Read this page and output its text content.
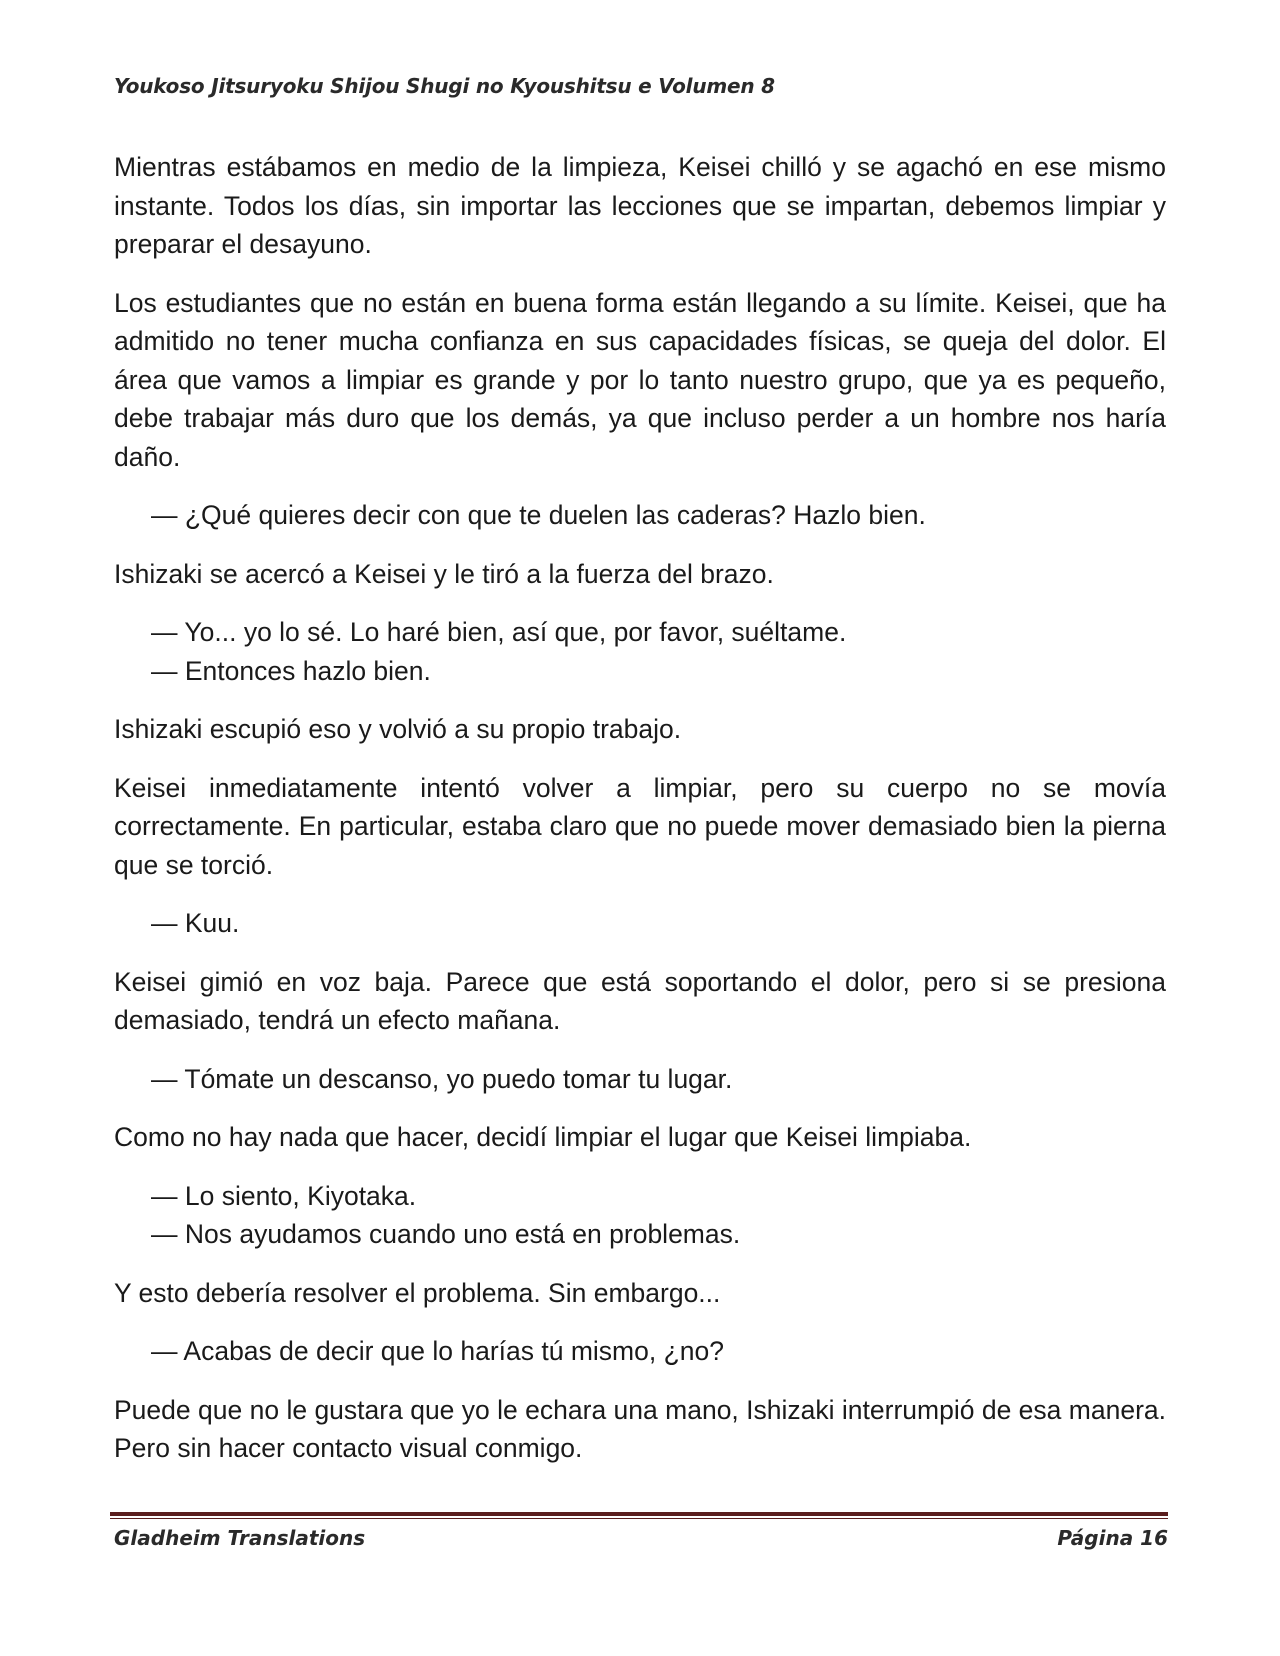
Youkoso Jitsuryoku Shijou Shugi no Kyoushitsu e Volumen 8

Mientras estábamos en medio de la limpieza, Keisei chilló y se agachó en ese mismo instante. Todos los días, sin importar las lecciones que se impartan, debemos limpiar y preparar el desayuno.

Los estudiantes que no están en buena forma están llegando a su límite. Keisei, que ha admitido no tener mucha confianza en sus capacidades físicas, se queja del dolor. El área que vamos a limpiar es grande y por lo tanto nuestro grupo, que ya es pequeño, debe trabajar más duro que los demás, ya que incluso perder a un hombre nos haría daño.

— ¿Qué quieres decir con que te duelen las caderas? Hazlo bien.

Ishizaki se acercó a Keisei y le tiró a la fuerza del brazo.

— Yo... yo lo sé. Lo haré bien, así que, por favor, suéltame.

— Entonces hazlo bien.

Ishizaki escupió eso y volvió a su propio trabajo.

Keisei inmediatamente intentó volver a limpiar, pero su cuerpo no se movía correctamente. En particular, estaba claro que no puede mover demasiado bien la pierna que se torció.

— Kuu.

Keisei gimió en voz baja. Parece que está soportando el dolor, pero si se presiona demasiado, tendrá un efecto mañana.

— Tómate un descanso, yo puedo tomar tu lugar.

Como no hay nada que hacer, decidí limpiar el lugar que Keisei limpiaba.

— Lo siento, Kiyotaka.

— Nos ayudamos cuando uno está en problemas.

Y esto debería resolver el problema. Sin embargo...

— Acabas de decir que lo harías tú mismo, ¿no?

Puede que no le gustara que yo le echara una mano, Ishizaki interrumpió de esa manera. Pero sin hacer contacto visual conmigo.

Gladheim Translations	Página 16
